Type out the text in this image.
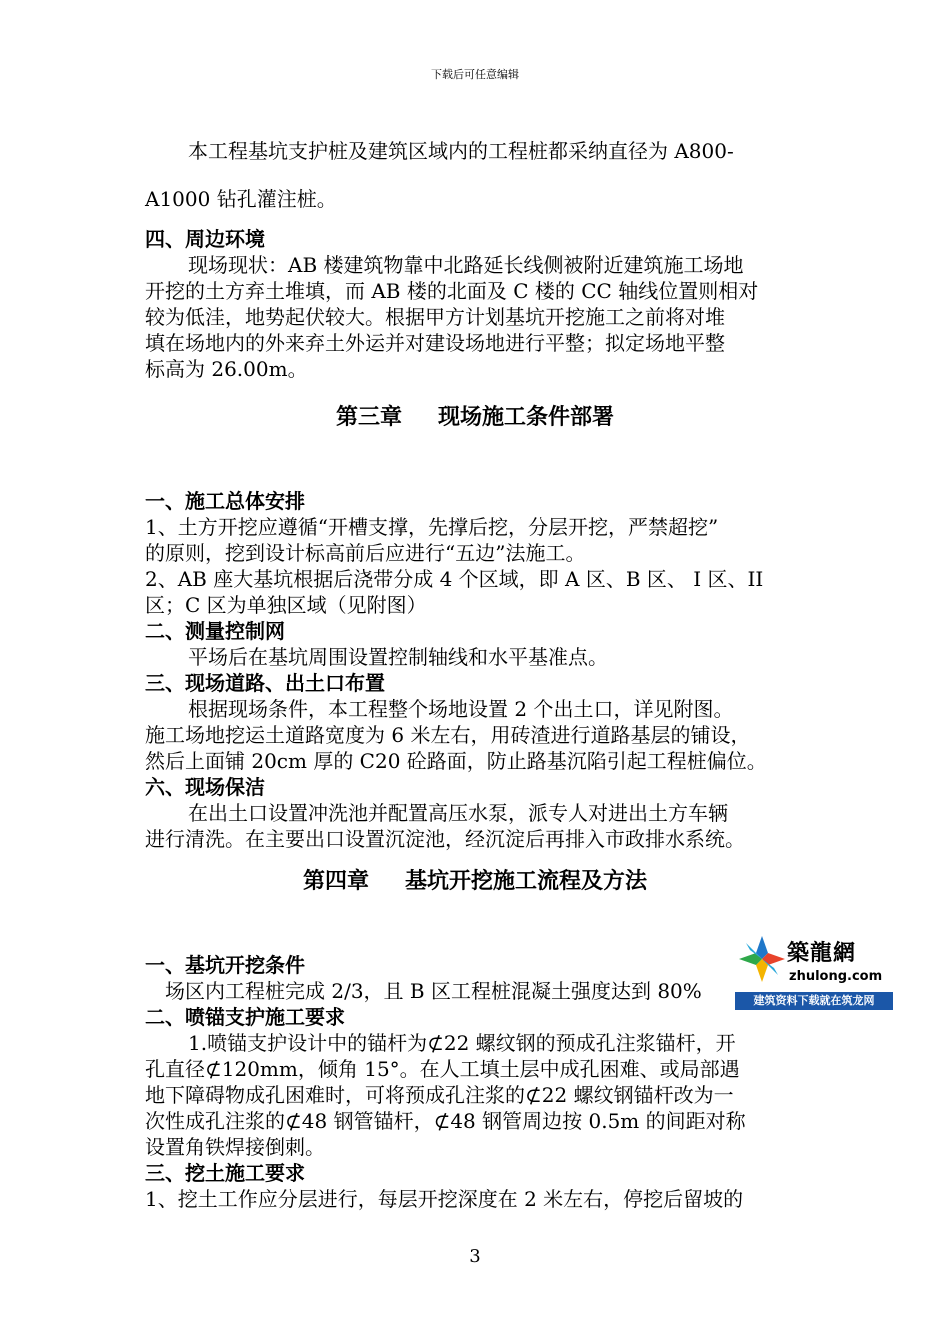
下载后可任意编辑

本工程基坑支护桩及建筑区域内的工程桩都采纳直径为 A800-

A1000 钻孔灌注桩。

四、周边环境

现场现状：AB 楼建筑物靠中北路延长线侧被附近建筑施工场地

开挖的土方弃土堆填，而 AB 楼的北面及 C 楼的 CC 轴线位置则相对

较为低洼，地势起伏较大。根据甲方计划基坑开挖施工之前将对堆

填在场地内的外来弃土外运并对建设场地进行平整；拟定场地平整

标高为 26.00m。

第三章 现场施工条件部署

一、施工总体安排

1、土方开挖应遵循“开槽支撑，先撑后挖，分层开挖，严禁超挖”

的原则，挖到设计标高前后应进行“五边”法施工。

2、AB 座大基坑根据后浇带分成 4 个区域，即 A 区、B 区、 I 区、II

区；C 区为单独区域（见附图）

二、测量控制网

平场后在基坑周围设置控制轴线和水平基准点。

三、现场道路、出土口布置

根据现场条件，本工程整个场地设置 2 个出土口，详见附图。

施工场地挖运土道路宽度为 6 米左右，用砖渣进行道路基层的铺设，

然后上面铺 20cm 厚的 C20 砼路面，防止路基沉陷引起工程桩偏位。

六、现场保洁

在出土口设置冲洗池并配置高压水泵，派专人对进出土方车辆

进行清洗。在主要出口设置沉淀池，经沉淀后再排入市政排水系统。

第四章 基坑开挖施工流程及方法

一、基坑开挖条件

场区内工程桩完成 2/3，且 B 区工程桩混凝土强度达到 80%

二、喷锚支护施工要求

1.喷锚支护设计中的锚杆为⊄22 螺纹钢的预成孔注浆锚杆，开

孔直径⊄120mm，倾角 15°。在人工填土层中成孔困难、或局部遇

地下障碍物成孔困难时，可将预成孔注浆的⊄22 螺纹钢锚杆改为一

次性成孔注浆的⊄48 钢管锚杆，⊄48 钢管周边按 0.5m 的间距对称

设置角铁焊接倒刺。

三、挖土施工要求

1、挖土工作应分层进行，每层开挖深度在 2 米左右，停挖后留坡的

築龍網
zhulong.com
建筑资料下载就在筑龙网
3
